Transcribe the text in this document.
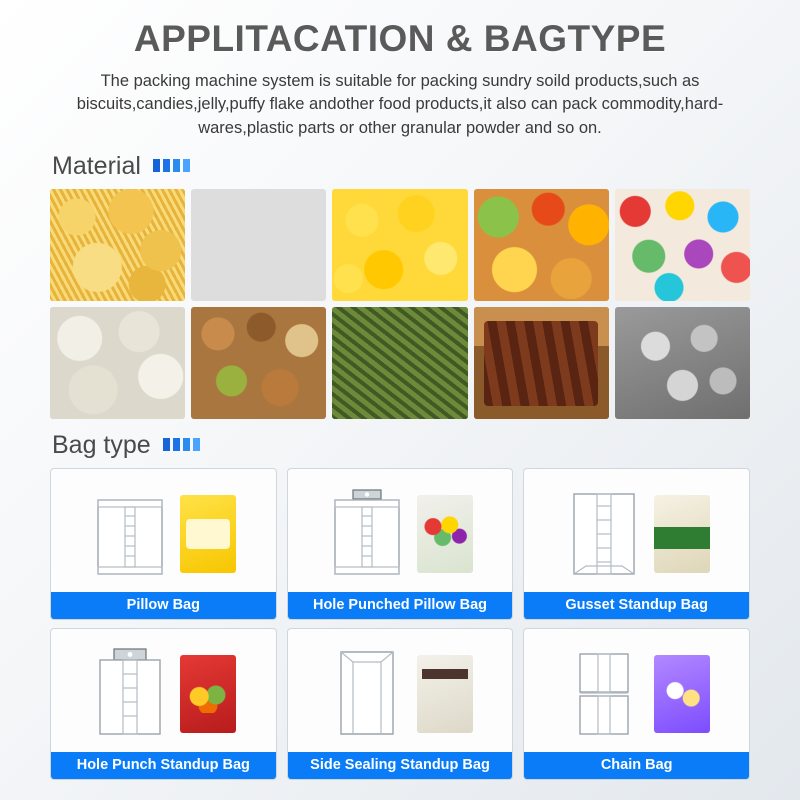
APPLITACATION & BAGTYPE

The packing machine system is suitable for packing sundry soild products,such as biscuits,candies,jelly,puffy flake andother food products,it also can pack commodity,hard-wares,plastic parts or other granular powder and so on.

Material
Bag type
Pillow Bag	Hole Punched Pillow Bag	Gusset Standup Bag
Hole Punch Standup Bag	Side Sealing Standup Bag	Chain Bag
